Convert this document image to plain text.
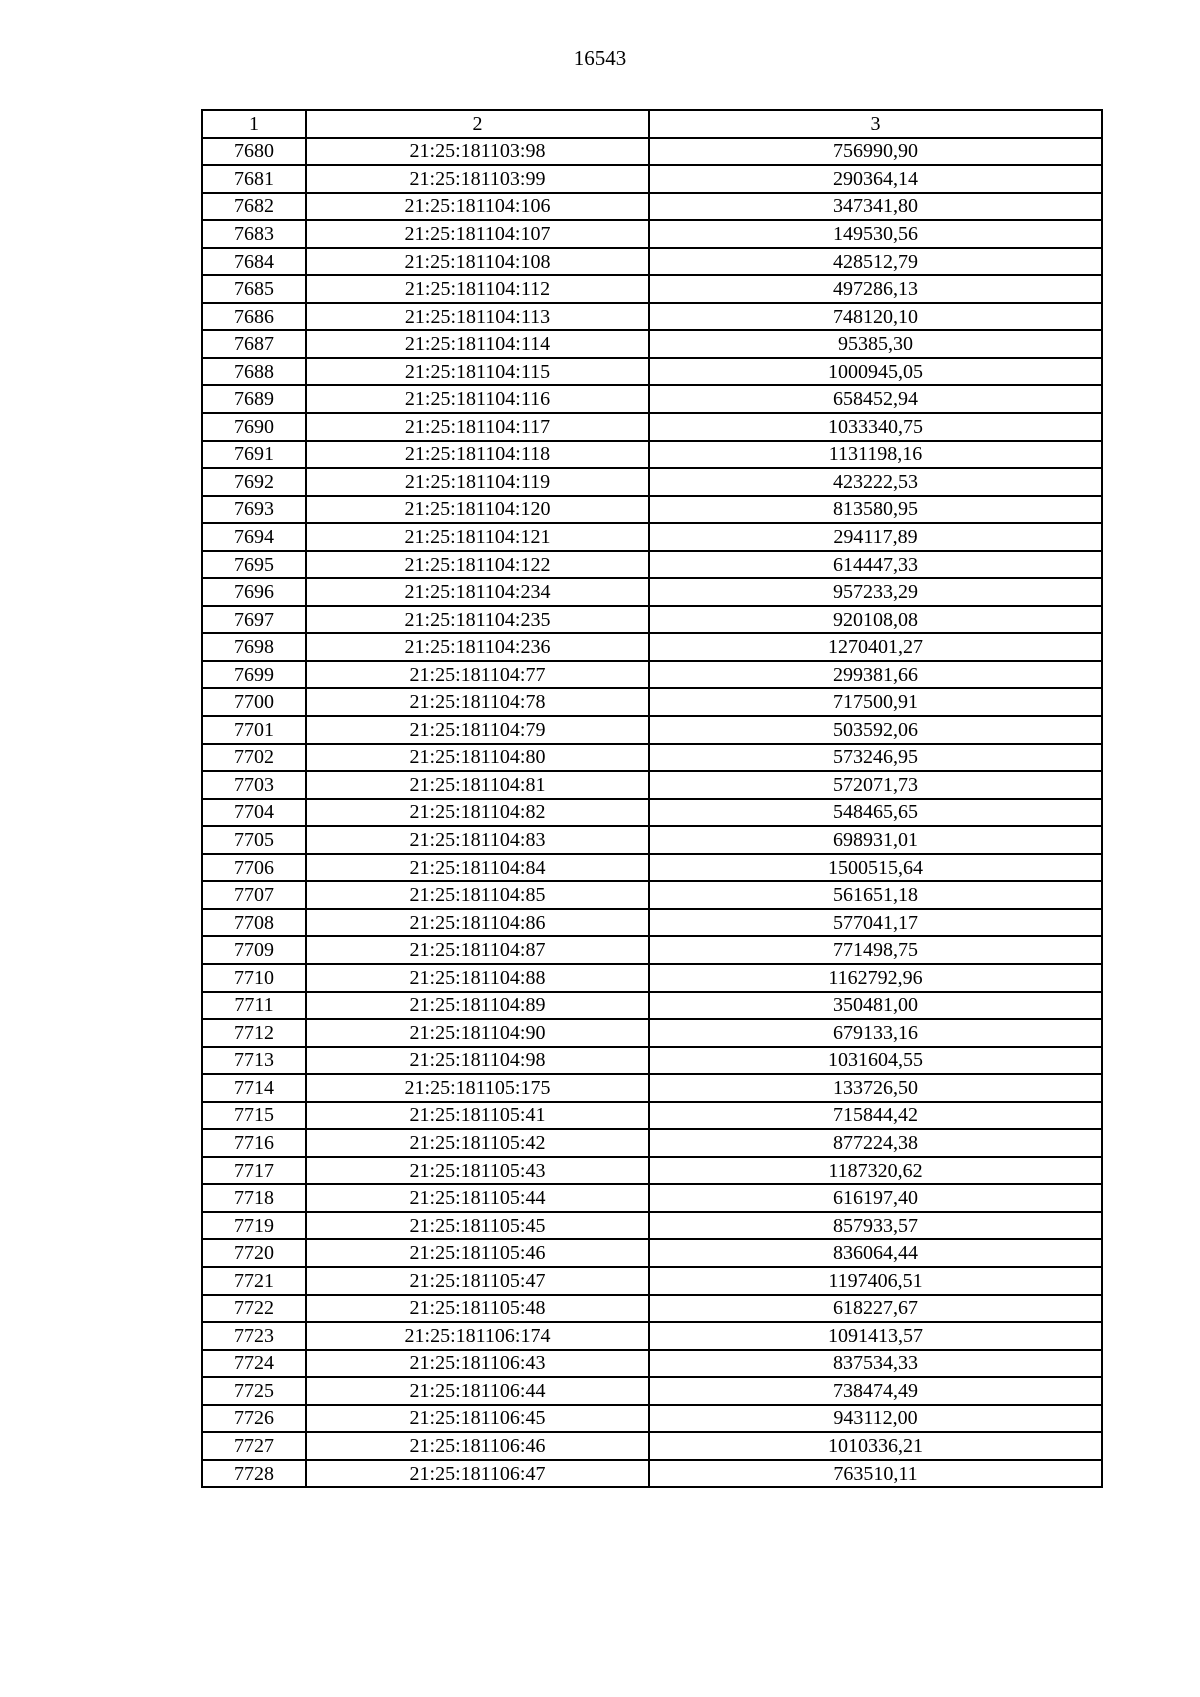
16543
1	2	3
7680	21:25:181103:98	756990,90
7681	21:25:181103:99	290364,14
7682	21:25:181104:106	347341,80
7683	21:25:181104:107	149530,56
7684	21:25:181104:108	428512,79
7685	21:25:181104:112	497286,13
7686	21:25:181104:113	748120,10
7687	21:25:181104:114	95385,30
7688	21:25:181104:115	1000945,05
7689	21:25:181104:116	658452,94
7690	21:25:181104:117	1033340,75
7691	21:25:181104:118	1131198,16
7692	21:25:181104:119	423222,53
7693	21:25:181104:120	813580,95
7694	21:25:181104:121	294117,89
7695	21:25:181104:122	614447,33
7696	21:25:181104:234	957233,29
7697	21:25:181104:235	920108,08
7698	21:25:181104:236	1270401,27
7699	21:25:181104:77	299381,66
7700	21:25:181104:78	717500,91
7701	21:25:181104:79	503592,06
7702	21:25:181104:80	573246,95
7703	21:25:181104:81	572071,73
7704	21:25:181104:82	548465,65
7705	21:25:181104:83	698931,01
7706	21:25:181104:84	1500515,64
7707	21:25:181104:85	561651,18
7708	21:25:181104:86	577041,17
7709	21:25:181104:87	771498,75
7710	21:25:181104:88	1162792,96
7711	21:25:181104:89	350481,00
7712	21:25:181104:90	679133,16
7713	21:25:181104:98	1031604,55
7714	21:25:181105:175	133726,50
7715	21:25:181105:41	715844,42
7716	21:25:181105:42	877224,38
7717	21:25:181105:43	1187320,62
7718	21:25:181105:44	616197,40
7719	21:25:181105:45	857933,57
7720	21:25:181105:46	836064,44
7721	21:25:181105:47	1197406,51
7722	21:25:181105:48	618227,67
7723	21:25:181106:174	1091413,57
7724	21:25:181106:43	837534,33
7725	21:25:181106:44	738474,49
7726	21:25:181106:45	943112,00
7727	21:25:181106:46	1010336,21
7728	21:25:181106:47	763510,11
